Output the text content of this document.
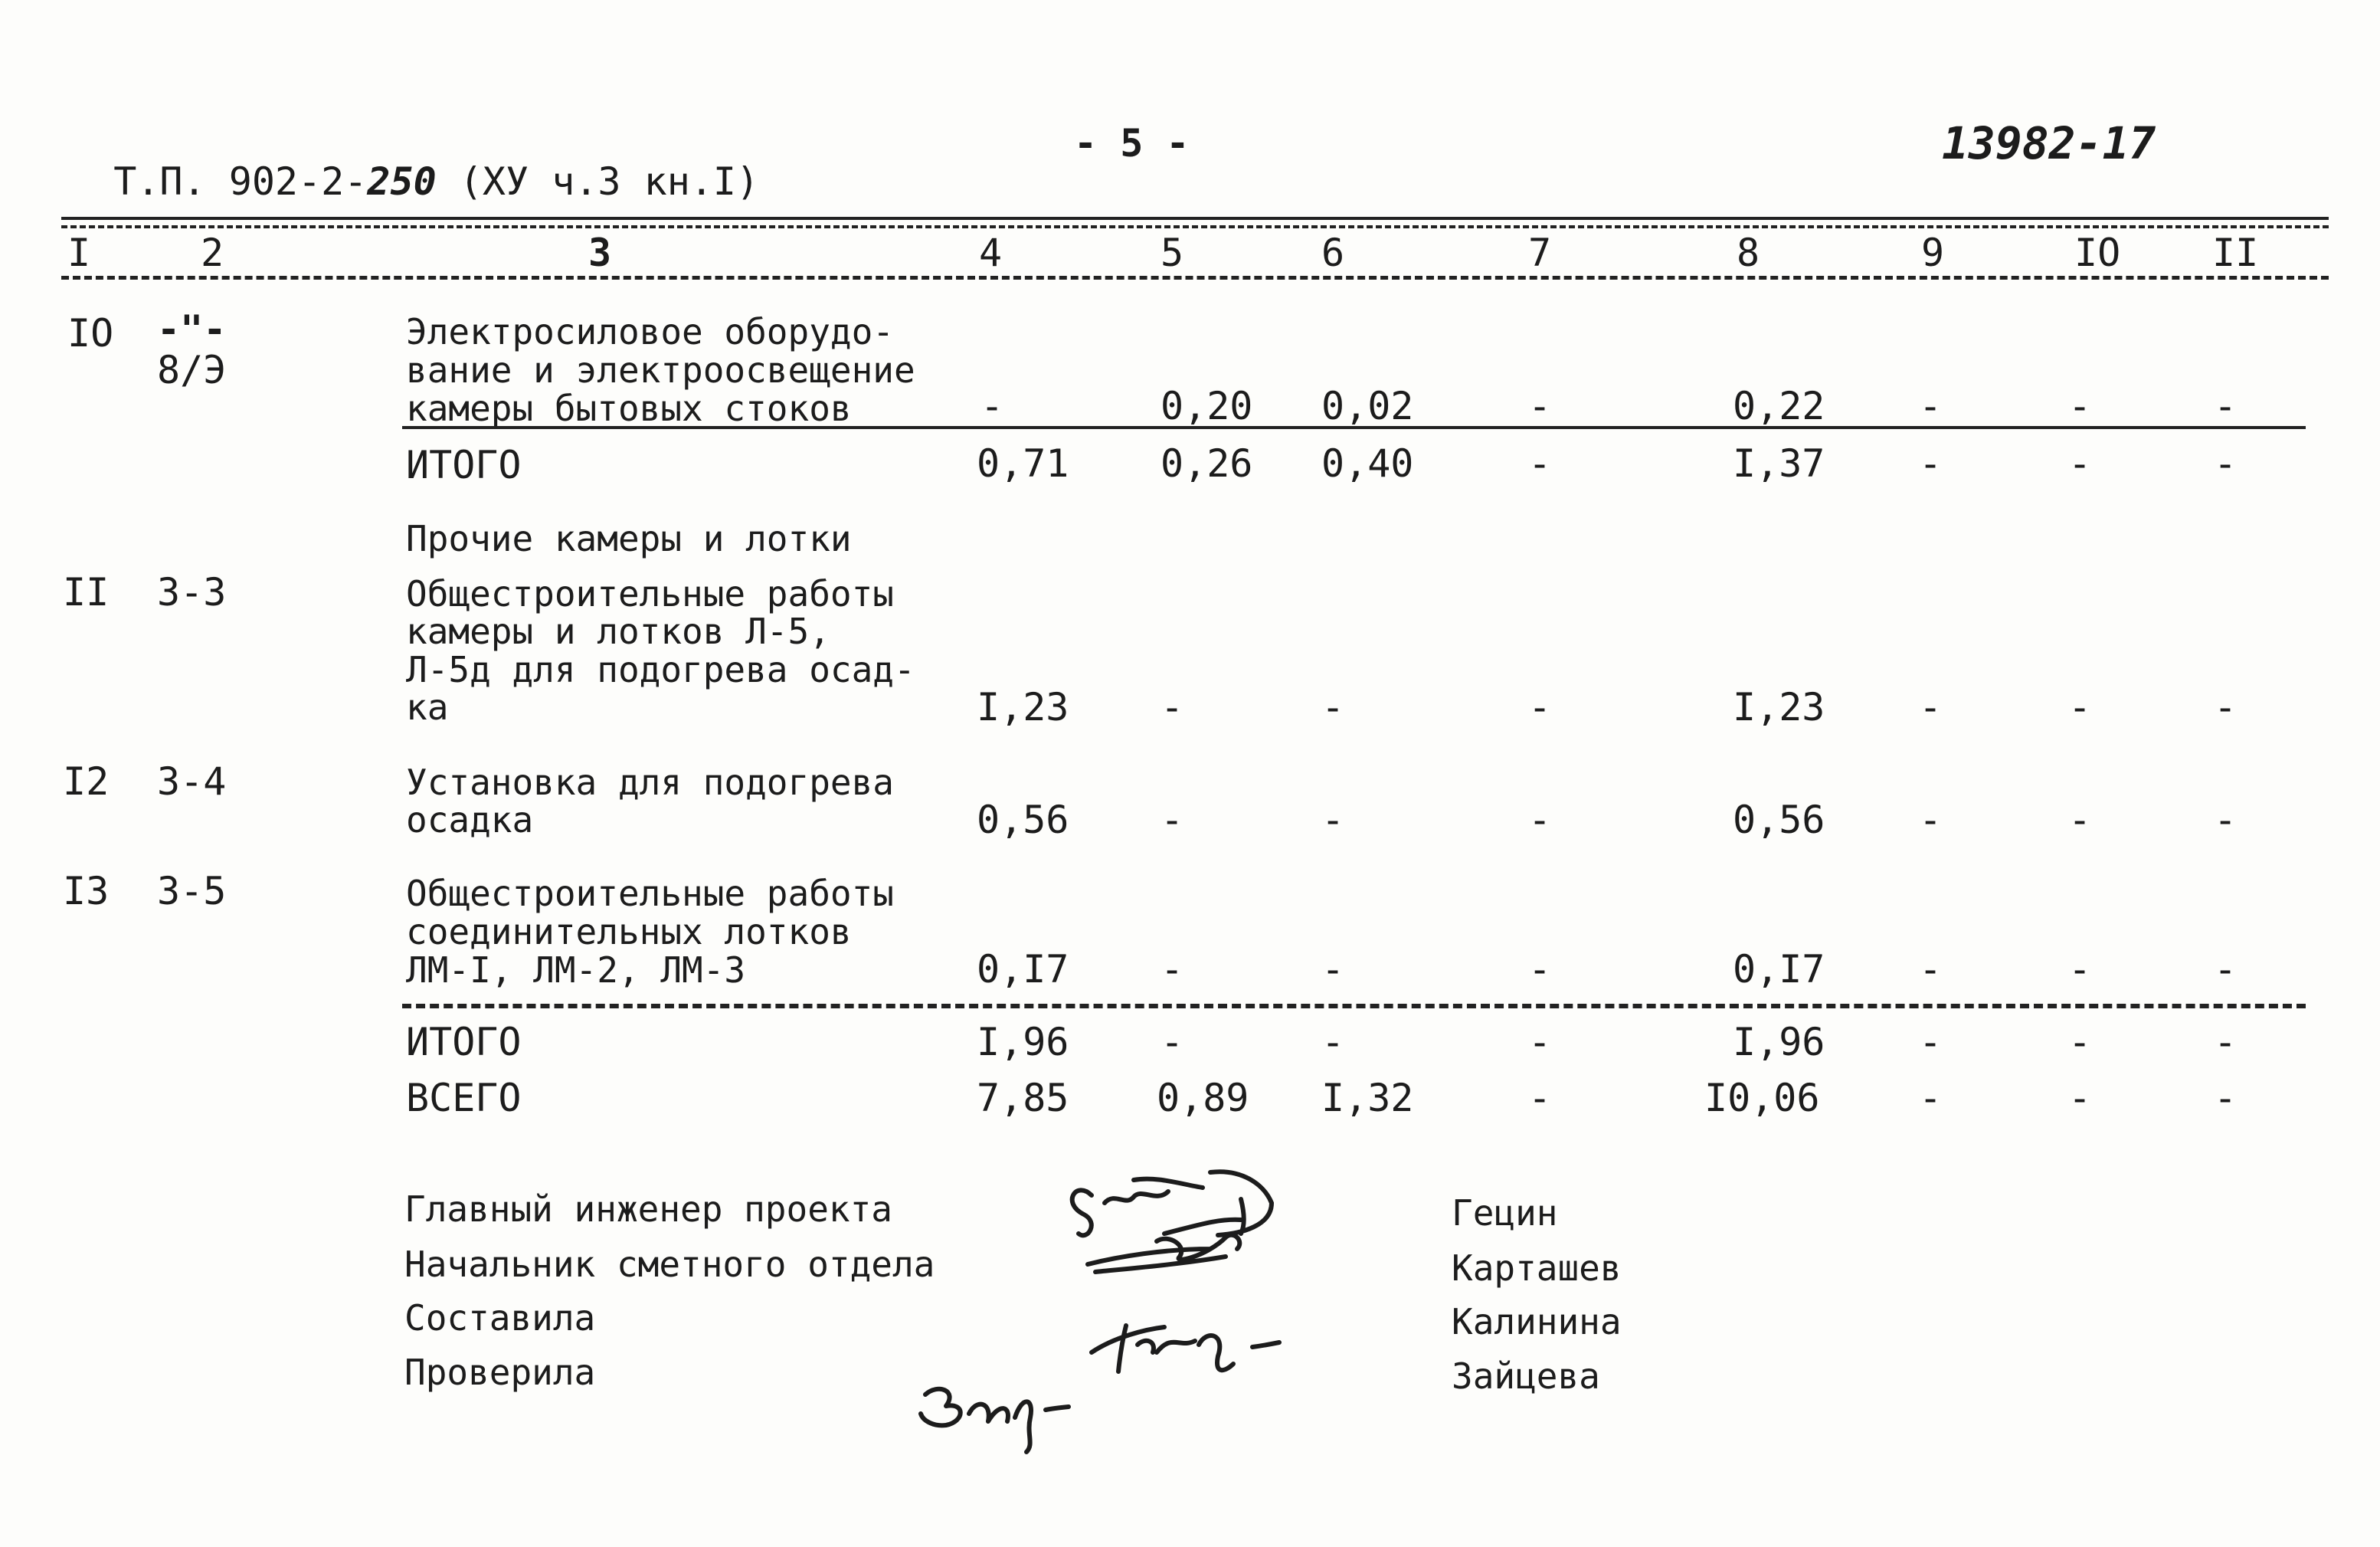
Т.П. 902-2-250 (ХУ ч.3 кн.I)

- 5 -	13982-17
I	2	3	4	5	6	7	8	9	IO II
IO -"-
8/Э
Электросиловое оборудо-
вание и электроосвещение
камеры бытовых стоков	-	0,20 0,02	-	0,22 -	-	-
ИТОГО	0,71 0,26 0,40	-	I,37 -	-	-
Прочие камеры и лотки
II 3-3	Общестроительные работы
камеры и лотков Л-5,
Л-5д для подогрева осад-
ка	I,23 -	-	-	I,23 -	-	-
I2 3-4	Установка для подогрева
осадка	0,56 -	-	-	0,56 -	-	-
I3 3-5	Общестроительные работы
соединительных лотков
ЛМ-I, ЛМ-2, ЛМ-3	0,I7 -	-	-	0,I7 -	-	-
ИТОГО	I,96 -	-	-	I,96 -	-	-
ВСЕГО	7,85 0,89 I,32	-	I0,06	-	-	-
Главный инженер проекта
Начальник сметного отдела
Составила
Проверила
Гецин
Карташев
Калинина
Зайцева
